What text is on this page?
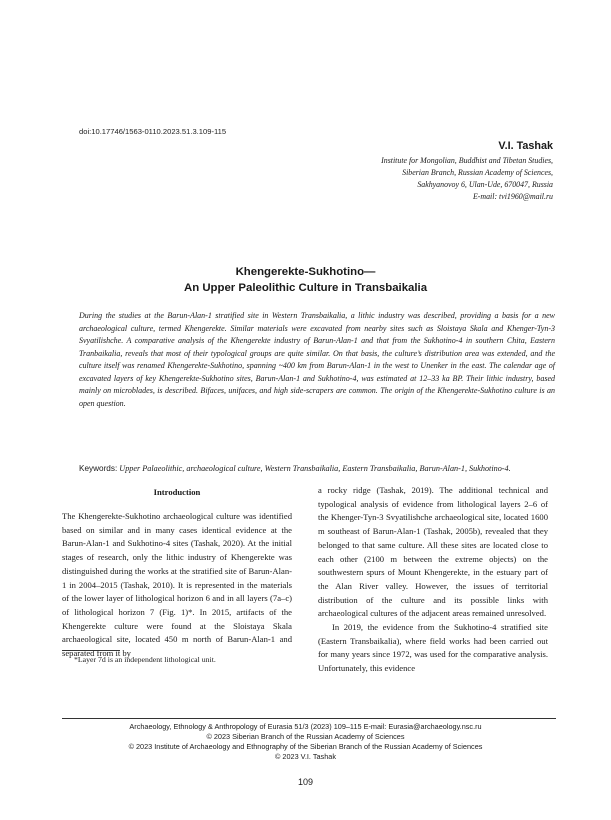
doi:10.17746/1563-0110.2023.51.3.109-115
V.I. Tashak
Institute for Mongolian, Buddhist and Tibetan Studies,
Siberian Branch, Russian Academy of Sciences,
Sakhyanovoy 6, Ulan-Ude, 670047, Russia
E-mail: tvi1960@mail.ru
Khengerekte-Sukhotino—
An Upper Paleolithic Culture in Transbaikalia

During the studies at the Barun-Alan-1 stratified site in Western Transbaikalia, a lithic industry was described, providing a basis for a new archaeological culture, termed Khengerekte. Similar materials were excavated from nearby sites such as Sloistaya Skala and Khenger-Tyn-3 Svyatilishche. A comparative analysis of the Khengerekte industry of Barun-Alan-1 and that from the Sukhotino-4 in southern Chita, Eastern Tranbaikalia, reveals that most of their typological groups are quite similar. On that basis, the culture’s distribution area was extended, and the culture itself was renamed Khengerekte-Sukhotino, spanning ~400 km from Barun-Alan-1 in the west to Unenker in the east. The calendar age of excavated layers of key Khengerekte-Sukhotino sites, Barun-Alan-1 and Sukhotino-4, was estimated at 12–33 ka BP. Their lithic industry, based mainly on microblades, is described. Bifaces, unifaces, and high side-scrapers are common. The origin of the Khengerekte-Sukhotino culture is an open question.

Keywords: Upper Palaeolithic, archaeological culture, Western Transbaikalia, Eastern Transbaikalia, Barun-Alan-1, Sukhotino-4.
Introduction

The Khengerekte-Sukhotino archaeological culture was identified based on similar and in many cases identical evidence at the Barun-Alan-1 and Sukhotino-4 sites (Tashak, 2020). At the initial stages of research, only the lithic industry of Khengerekte was distinguished during the works at the stratified site of Barun-Alan-1 in 2004–2015 (Tashak, 2010). It is represented in the materials of the lower layer of lithological horizon 6 and in all layers (7a–c) of lithological horizon 7 (Fig. 1)*. In 2015, artifacts of the Khengerekte culture were found at the Sloistaya Skala archaeological site, located 450 m north of Barun-Alan-1 and separated from it by

a rocky ridge (Tashak, 2019). The additional technical and typological analysis of evidence from lithological layers 2–6 of the Khenger-Tyn-3 Svyatilishche archaeological site, located 1600 m southeast of Barun-Alan-1 (Tashak, 2005b), revealed that they belonged to that same culture. All these sites are located close to each other (2100 m between the extreme objects) on the southwestern spurs of Mount Khengerekte, in the estuary part of the Alan River valley. However, the issues of territorial distribution of the culture and its possible links with archaeological cultures of the adjacent areas remained unresolved.

In 2019, the evidence from the Sukhotino-4 stratified site (Eastern Transbaikalia), where field works had been carried out for many years since 1972, was used for the comparative analysis. Unfortunately, this evidence

*Layer 7d is an independent lithological unit.
Archaeology, Ethnology & Anthropology of Eurasia 51/3 (2023) 109–115 E-mail: Eurasia@archaeology.nsc.ru
© 2023 Siberian Branch of the Russian Academy of Sciences
© 2023 Institute of Archaeology and Ethnography of the Siberian Branch of the Russian Academy of Sciences
© 2023 V.I. Tashak
109
